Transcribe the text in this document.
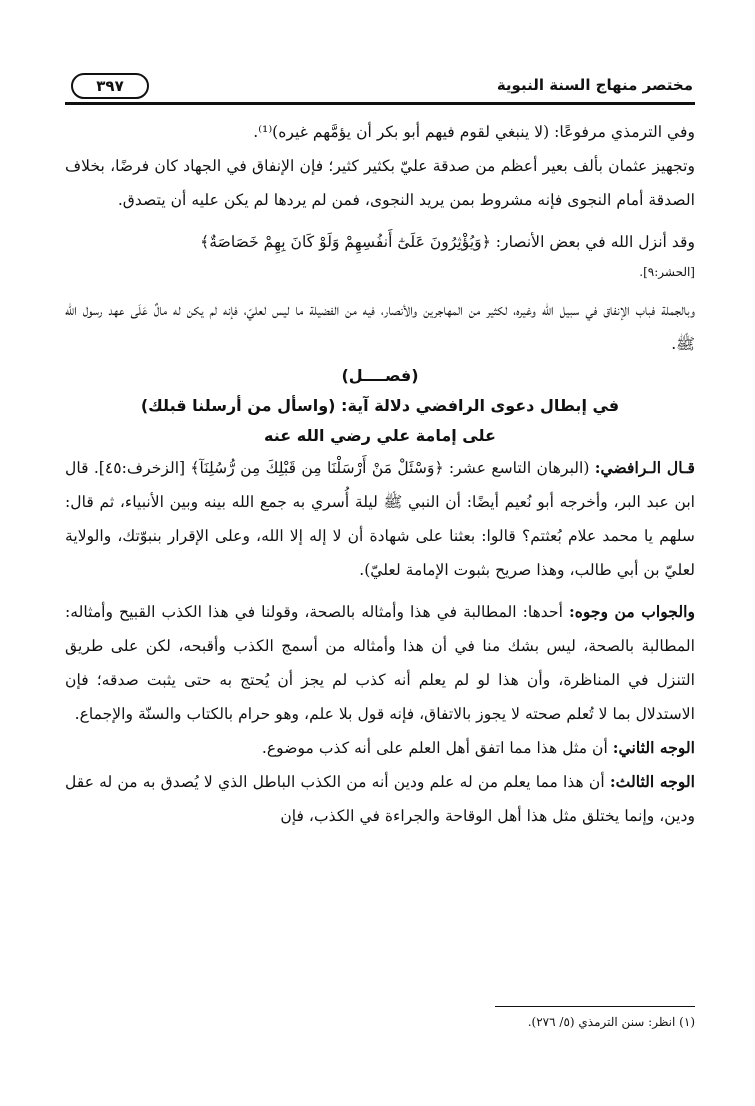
مختصر منهاج السنة النبوية
٣٩٧

وفي الترمذي مرفوعًا: (لا ينبغي لقوم فيهم أبو بكر أن يؤمَّهم غيره)⁽¹⁾.

وتجهيز عثمان بألف بعير أعظم من صدقة عليّ بكثير كثير؛ فإن الإنفاق في الجهاد كان فرضًا، بخلاف الصدقة أمام النجوى فإنه مشروط بمن يريد النجوى، فمن لم يردها لم يكن عليه أن يتصدق.

وقد أنزل الله في بعض الأنصار: ﴿وَيُؤْثِرُونَ عَلَىٰٓ أَنفُسِهِمْ وَلَوْ كَانَ بِهِمْ خَصَاصَةٌ﴾

[الحشر:٩].

وبالجملة فباب الإنفاق في سبيل الله وغيره، لكثير من المهاجرين والأنصار، فيه من الفضيلة ما ليس لعليّ، فإنه لم يكن له مالٌ عَلَى عهد رسول الله ﷺ.

(فصــــل)

في إبطال دعوى الرافضي دلالة آية: (واسأل من أرسلنا قبلك)

على إمامة علي رضي الله عنه

قـال الـرافضي: (البرهان التاسع عشر: ﴿وَسْئَلْ مَنْ أَرْسَلْنَا مِن قَبْلِكَ مِن رُّسُلِنَآ﴾ [الزخرف:٤٥]. قال ابن عبد البر، وأخرجه أبو نُعيم أيضًا: أن النبي ﷺ ليلة أُسري به جمع الله بينه وبين الأنبياء، ثم قال: سلهم يا محمد علام بُعثتم؟ قالوا: بعثنا على شهادة أن لا إله إلا الله، وعلى الإقرار بنبوّتك، والولاية لعليّ بن أبي طالب، وهذا صريح بثبوت الإمامة لعليّ).

والجواب من وجوه: أحدها: المطالبة في هذا وأمثاله بالصحة، وقولنا في هذا الكذب القبيح وأمثاله: المطالبة بالصحة، ليس بشك منا في أن هذا وأمثاله من أسمج الكذب وأقبحه، لكن على طريق التنزل في المناظرة، وأن هذا لو لم يعلم أنه كذب لم يجز أن يُحتج به حتى يثبت صدقه؛ فإن الاستدلال بما لا تُعلم صحته لا يجوز بالاتفاق، فإنه قول بلا علم، وهو حرام بالكتاب والسنّة والإجماع.

الوجه الثاني: أن مثل هذا مما اتفق أهل العلم على أنه كذب موضوع.

الوجه الثالث: أن هذا مما يعلم من له علم ودين أنه من الكذب الباطل الذي لا يُصدق به من له عقل ودين، وإنما يختلق مثل هذا أهل الوقاحة والجراءة في الكذب، فإن

(١) انظر: سنن الترمذي (٥/ ٢٧٦).
